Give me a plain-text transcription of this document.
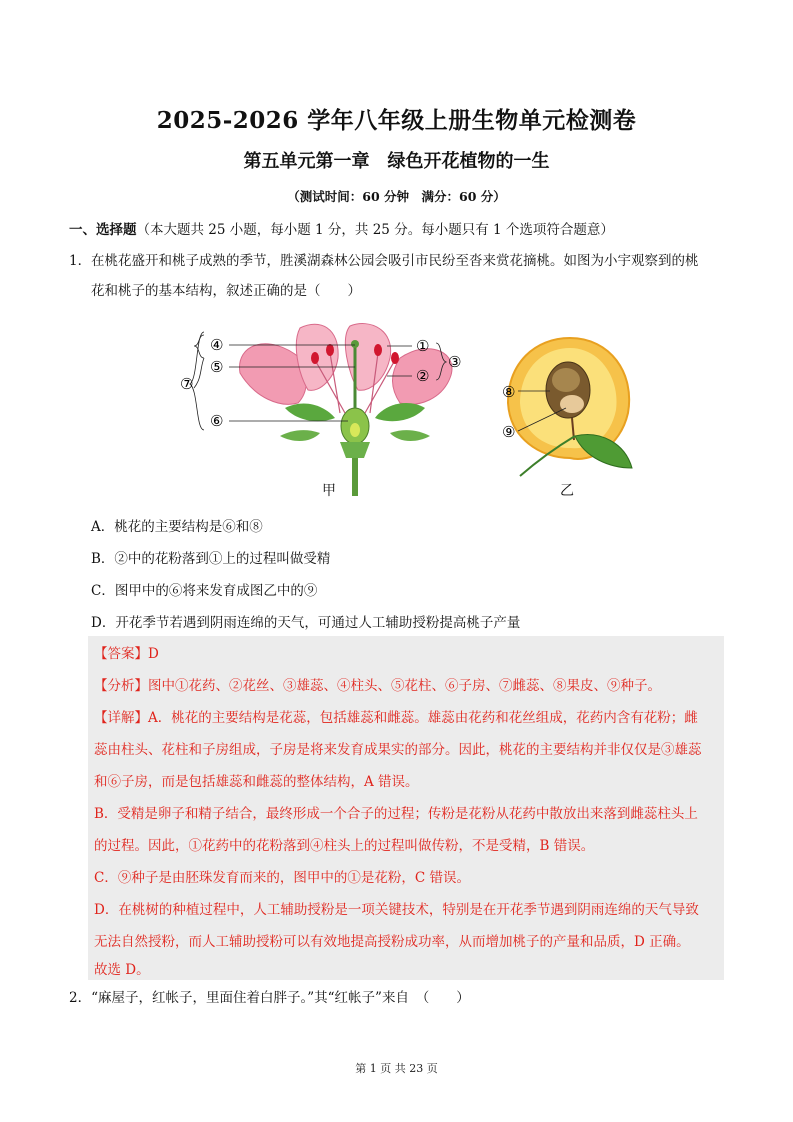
2025-2026 学年八年级上册生物单元检测卷
第五单元第一章　绿色开花植物的一生
（测试时间：60 分钟　满分：60 分）
一、选择题（本大题共 25 小题，每小题 1 分，共 25 分。每小题只有 1 个选项符合题意）
1． 在桃花盛开和桃子成熟的季节，胜溪湖森林公园会吸引市民纷至沓来赏花摘桃。如图为小宇观察到的桃
花和桃子的基本结构，叙述正确的是（　　）
④
⑤
⑦
⑥
①
②
③
⑧
⑨
甲	乙
A．桃花的主要结构是⑥和⑧
B．②中的花粉落到①上的过程叫做受精
C．图甲中的⑥将来发育成图乙中的⑨
D．开花季节若遇到阴雨连绵的天气，可通过人工辅助授粉提高桃子产量
【答案】D
【分析】图中①花药、②花丝、③雄蕊、④柱头、⑤花柱、⑥子房、⑦雌蕊、⑧果皮、⑨种子。
【详解】A．桃花的主要结构是花蕊，包括雄蕊和雌蕊。雄蕊由花药和花丝组成，花药内含有花粉；雌
蕊由柱头、花柱和子房组成，子房是将来发育成果实的部分。因此，桃花的主要结构并非仅仅是③雄蕊
和⑥子房，而是包括雄蕊和雌蕊的整体结构，A 错误。
B．受精是卵子和精子结合，最终形成一个合子的过程；传粉是花粉从花药中散放出来落到雌蕊柱头上
的过程。因此，①花药中的花粉落到④柱头上的过程叫做传粉，不是受精，B 错误。
C．⑨种子是由胚珠发育而来的，图甲中的①是花粉，C 错误。
D．在桃树的种植过程中，人工辅助授粉是一项关键技术，特别是在开花季节遇到阴雨连绵的天气导致
无法自然授粉，而人工辅助授粉可以有效地提高授粉成功率，从而增加桃子的产量和品质，D 正确。
故选 D。
2．“麻屋子，红帐子，里面住着白胖子。”其“红帐子”来自　（　　）
第 1 页 共 23 页
